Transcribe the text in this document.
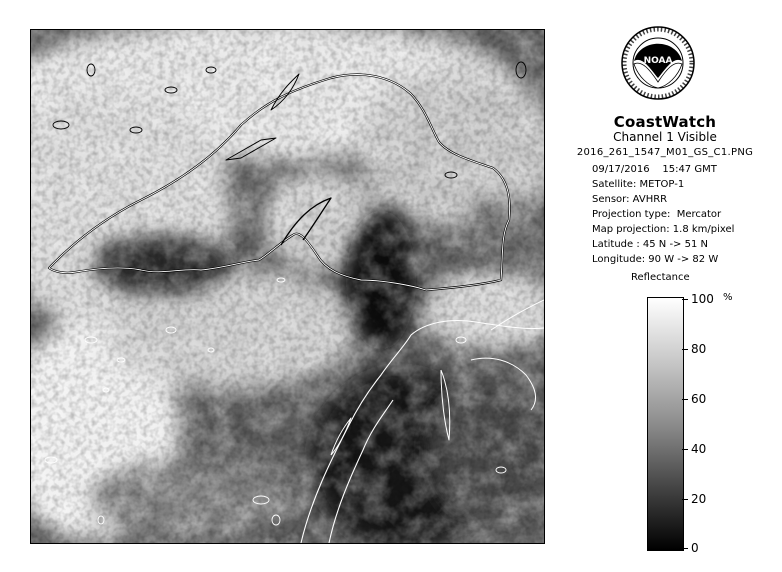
NOAA
CoastWatch
Channel 1 Visible
2016_261_1547_M01_GS_C1.PNG
09/17/2016    15:47 GMT
Satellite: METOP-1
Sensor: AVHRR
Projection type:  Mercator
Map projection: 1.8 km/pixel
Latitude : 45 N -> 51 N
Longitude: 90 W -> 82 W
Reflectance
%
100
80
60
40
20
0
